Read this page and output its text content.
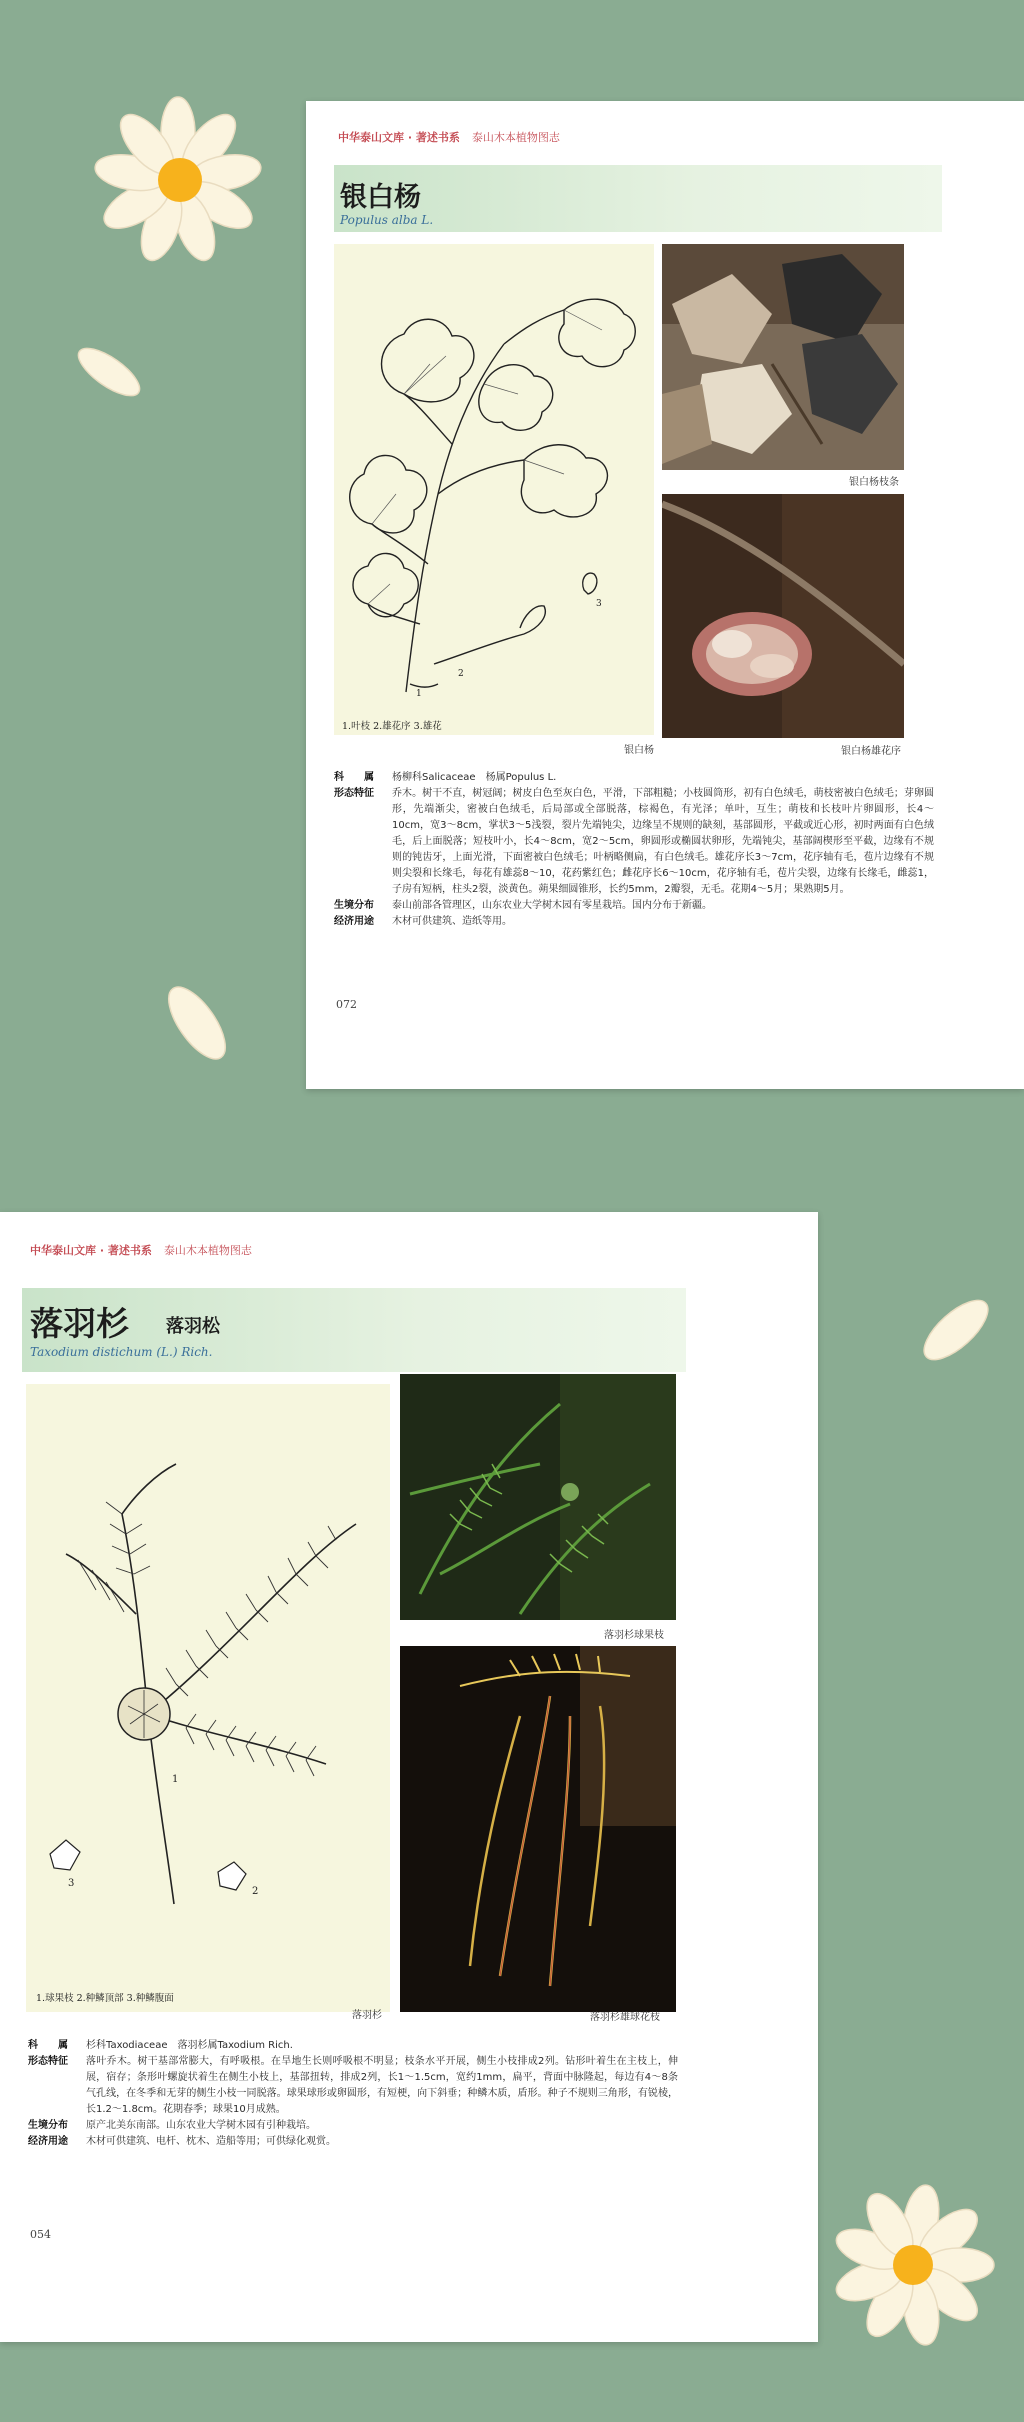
中华泰山文库 · 著述书系 泰山木本植物图志
银白杨
Populus alba L.
1
2
3
1.叶枝 2.雄花序 3.雄花
银白杨
银白杨枝条
银白杨雄花序
科　　属	杨柳科Salicaceae　杨属Populus L.
形态特征	乔木。树干不直，树冠阔；树皮白色至灰白色，平滑，下部粗糙；小枝圆筒形，初有白色绒毛，萌枝密被白色绒毛；芽卵圆形，先端渐尖，密被白色绒毛，后局部或全部脱落，棕褐色，有光泽；单叶，互生；萌枝和长枝叶片卵圆形，长4～10cm，宽3～8cm，掌状3～5浅裂，裂片先端钝尖，边缘呈不规则的缺刻，基部圆形，平截或近心形，初时两面有白色绒毛，后上面脱落；短枝叶小，长4～8cm，宽2～5cm，卵圆形或椭圆状卵形，先端钝尖，基部阔楔形至平截，边缘有不规则的钝齿牙，上面光滑，下面密被白色绒毛；叶柄略侧扁，有白色绒毛。雄花序长3～7cm，花序轴有毛，苞片边缘有不规则尖裂和长缘毛，每花有雄蕊8～10，花药紫红色；雌花序长6～10cm，花序轴有毛，苞片尖裂，边缘有长缘毛，雌蕊1，子房有短柄，柱头2裂，淡黄色。蒴果细圆锥形，长约5mm，2瓣裂，无毛。花期4～5月；果熟期5月。
生境分布	泰山前部各管理区，山东农业大学树木园有零星栽培。国内分布于新疆。
经济用途	木材可供建筑、造纸等用。
072
中华泰山文库 · 著述书系 泰山木本植物图志
落羽杉 落羽松
Taxodium distichum (L.) Rich.
1
2
3
1.球果枝 2.种鳞顶部 3.种鳞腹面
落羽杉
落羽杉球果枝
落羽杉雄球花枝
科　　属	杉科Taxodiaceae　落羽杉属Taxodium Rich.
形态特征	落叶乔木。树干基部常膨大，有呼吸根。在旱地生长则呼吸根不明显；枝条水平开展，侧生小枝排成2列。钻形叶着生在主枝上，伸展，宿存；条形叶螺旋状着生在侧生小枝上，基部扭转，排成2列，长1～1.5cm，宽约1mm，扁平，背面中脉隆起，每边有4～8条气孔线，在冬季和无芽的侧生小枝一同脱落。球果球形或卵圆形，有短梗，向下斜垂；种鳞木质，盾形。种子不规则三角形，有锐棱，长1.2～1.8cm。花期春季；球果10月成熟。
生境分布	原产北美东南部。山东农业大学树木园有引种栽培。
经济用途	木材可供建筑、电杆、枕木、造船等用；可供绿化观赏。
054
